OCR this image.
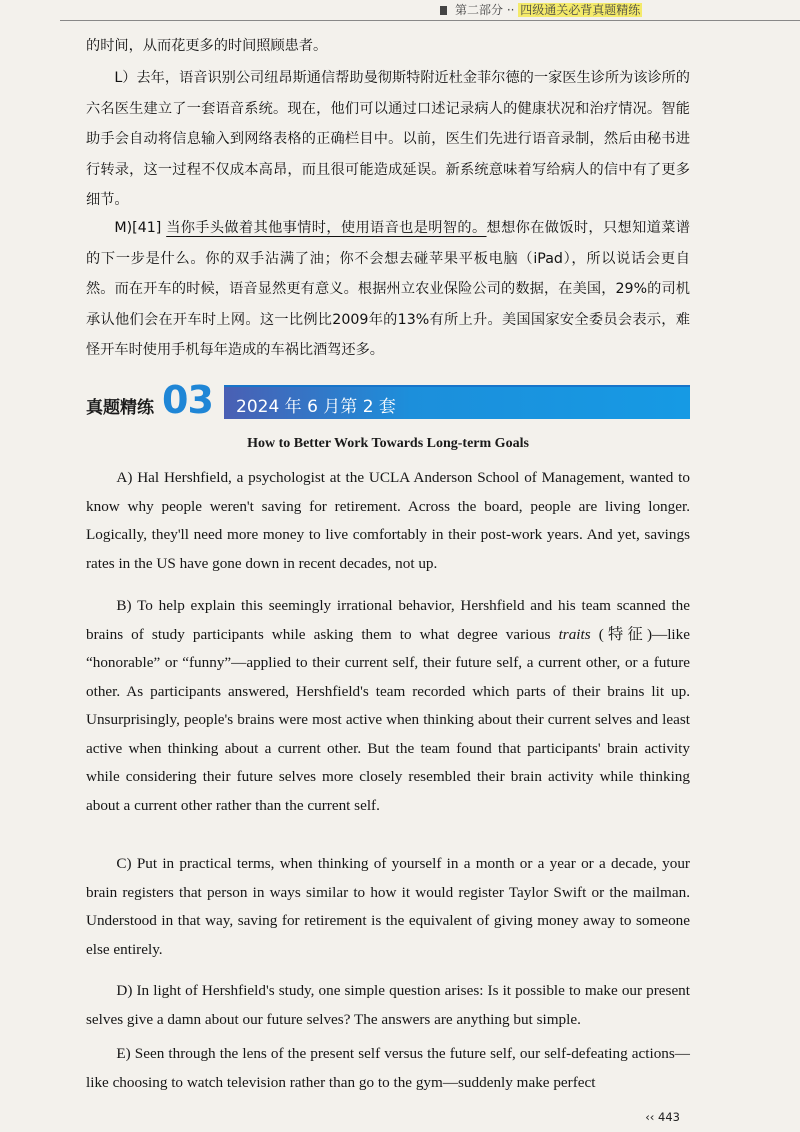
第二部分 ·· 四级通关必背真题精练

的时间，从而花更多的时间照顾患者。

L）去年，语音识别公司纽昂斯通信帮助曼彻斯特附近杜金菲尔德的一家医生诊所为该诊所的六名医生建立了一套语音系统。现在，他们可以通过口述记录病人的健康状况和治疗情况。智能助手会自动将信息输入到网络表格的正确栏目中。以前，医生们先进行语音录制，然后由秘书进行转录，这一过程不仅成本高昂，而且很可能造成延误。新系统意味着写给病人的信中有了更多细节。

M)[41] 当你手头做着其他事情时，使用语音也是明智的。想想你在做饭时，只想知道菜谱的下一步是什么。你的双手沾满了油；你不会想去碰苹果平板电脑（iPad），所以说话会更自然。而在开车的时候，语音显然更有意义。根据州立农业保险公司的数据，在美国，29%的司机承认他们会在开车时上网。这一比例比2009年的13%有所上升。美国国家安全委员会表示，难怪开车时使用手机每年造成的车祸比酒驾还多。

真题精练 03 2024 年 6 月第 2 套
How to Better Work Towards Long-term Goals

A) Hal Hershfield, a psychologist at the UCLA Anderson School of Management, wanted to know why people weren't saving for retirement. Across the board, people are living longer. Logically, they'll need more money to live comfortably in their post-work years. And yet, savings rates in the US have gone down in recent decades, not up.

B) To help explain this seemingly irrational behavior, Hershfield and his team scanned the brains of study participants while asking them to what degree various traits (特征)—like “honorable” or “funny”—applied to their current self, their future self, a current other, or a future other. As participants answered, Hershfield's team recorded which parts of their brains lit up. Unsurprisingly, people's brains were most active when thinking about their current selves and least active when thinking about a current other. But the team found that participants' brain activity while considering their future selves more closely resembled their brain activity while thinking about a current other rather than the current self.

C) Put in practical terms, when thinking of yourself in a month or a year or a decade, your brain registers that person in ways similar to how it would register Taylor Swift or the mailman. Understood in that way, saving for retirement is the equivalent of giving money away to someone else entirely.

D) In light of Hershfield's study, one simple question arises: Is it possible to make our present selves give a damn about our future selves? The answers are anything but simple.

E) Seen through the lens of the present self versus the future self, our self-defeating actions—like choosing to watch television rather than go to the gym—suddenly make perfect

‹‹ 443
